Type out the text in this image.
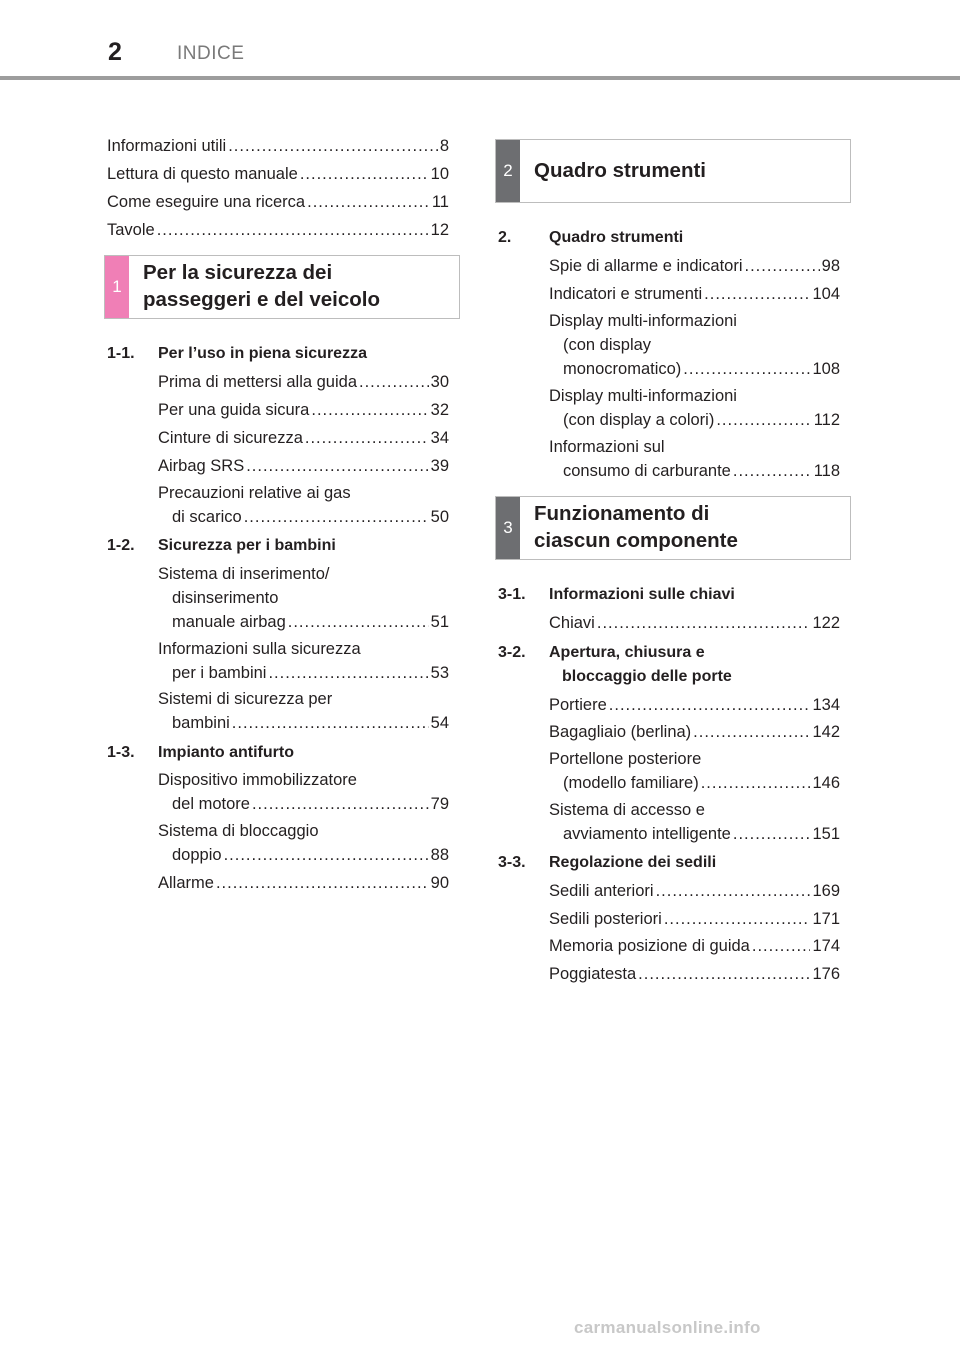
2	INDICE
Informazioni utili .....	8
Lettura di questo manuale .....	10
Come eseguire una ricerca .....	11
Tavole .....	12
1
Per la sicurezza dei
passeggeri e del veicolo
1-1. Per l’uso in piena sicurezza
Prima di mettersi alla guida .....	30
Per una guida sicura .....	32
Cinture di sicurezza .....	34
Airbag SRS .....	39
Precauzioni relative ai gas
di scarico .....	50
1-2. Sicurezza per i bambini
Sistema di inserimento/
disinserimento
manuale airbag .....	51
Informazioni sulla sicurezza
per i bambini .....	53
Sistemi di sicurezza per
bambini .....	54
1-3. Impianto antifurto
Dispositivo immobilizzatore
del motore .....	79
Sistema di bloccaggio
doppio .....	88
Allarme .....	90
2	Quadro strumenti
2. Quadro strumenti
Spie di allarme e indicatori .....	98
Indicatori e strumenti .....	104
Display multi-informazioni
(con display
monocromatico) .....	108
Display multi-informazioni
(con display a colori) .....	112
Informazioni sul
consumo di carburante .....	118
3
Funzionamento di
ciascun componente
3-1. Informazioni sulle chiavi
Chiavi .....	122
3-2. Apertura, chiusura e
bloccaggio delle porte
Portiere .....	134
Bagagliaio (berlina) .....	142
Portellone posteriore
(modello familiare) .....	146
Sistema di accesso e
avviamento intelligente .....	151
3-3. Regolazione dei sedili
Sedili anteriori .....	169
Sedili posteriori .....	171
Memoria posizione di guida .....	174
Poggiatesta .....	176
carmanualsonline.info
